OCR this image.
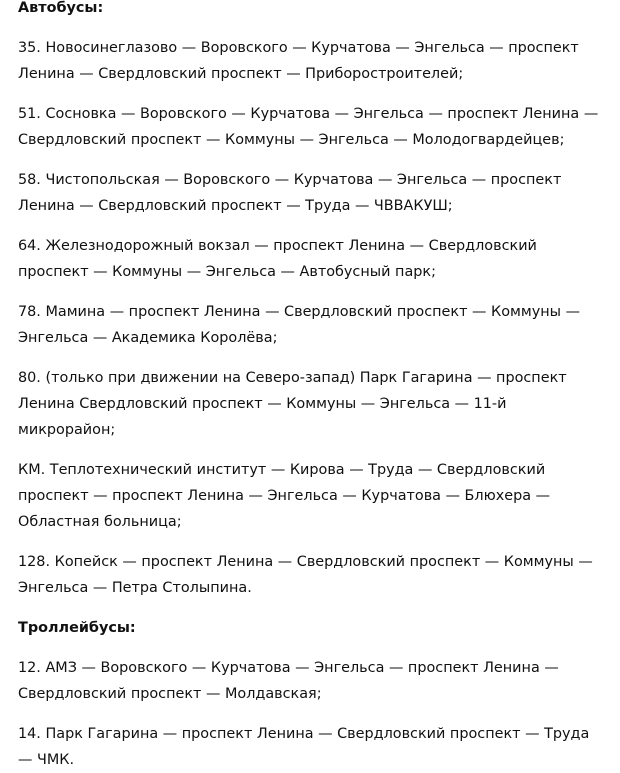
Автобусы:

35. Новосинеглазово — Воровского — Курчатова — Энгельса — проспект Ленина — Свердловский проспект — Приборостроителей;

51. Сосновка — Воровского — Курчатова — Энгельса — проспект Ленина — Свердловский проспект — Коммуны — Энгельса — Молодогвардейцев;

58. Чистопольская — Воровского — Курчатова — Энгельса — проспект Ленина — Свердловский проспект — Труда — ЧВВАКУШ;

64. Железнодорожный вокзал — проспект Ленина — Свердловский проспект — Коммуны — Энгельса — Автобусный парк;

78. Мамина — проспект Ленина — Свердловский проспект — Коммуны — Энгельса — Академика Королёва;

80. (только при движении на Северо-запад) Парк Гагарина — проспект Ленина Свердловский проспект — Коммуны — Энгельса — 11-й микрорайон;

КМ. Теплотехнический институт — Кирова — Труда — Свердловский проспект — проспект Ленина — Энгельса — Курчатова — Блюхера — Областная больница;

128. Копейск — проспект Ленина — Свердловский проспект — Коммуны — Энгельса — Петра Столыпина.

Троллейбусы:

12. АМЗ — Воровского — Курчатова — Энгельса — проспект Ленина — Свердловский проспект — Молдавская;

14. Парк Гагарина — проспект Ленина — Свердловский проспект — Труда — ЧМК.
